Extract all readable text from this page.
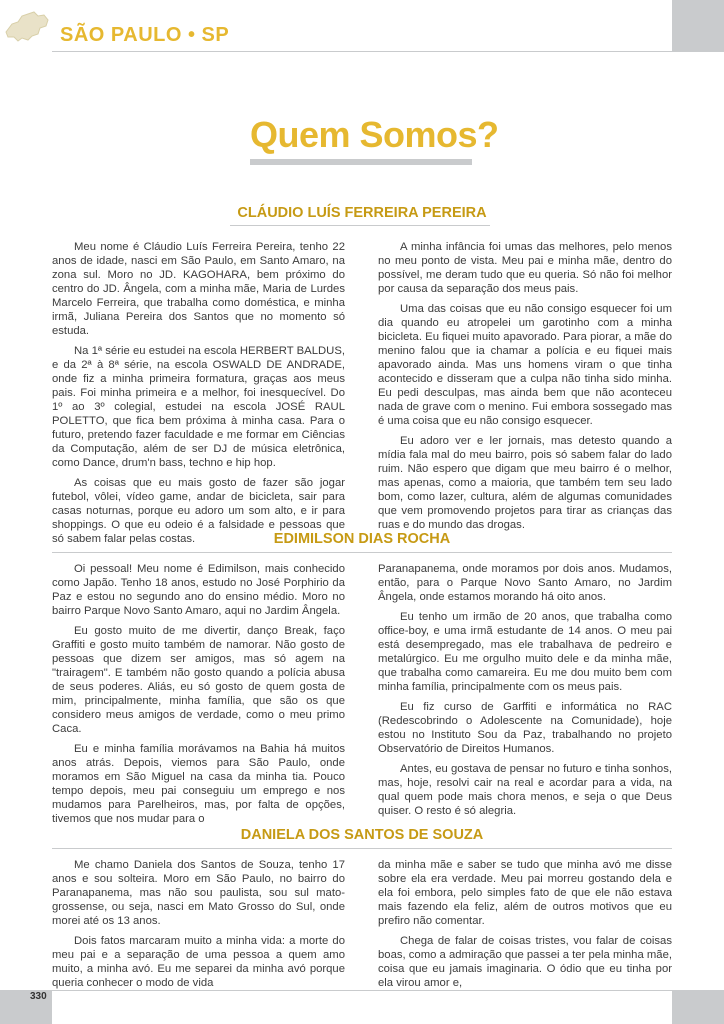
SÃO PAULO • SP
Quem Somos?
CLÁUDIO LUÍS FERREIRA PEREIRA

Meu nome é Cláudio Luís Ferreira Pereira, tenho 22 anos de idade, nasci em São Paulo, em Santo Amaro, na zona sul. Moro no JD. KAGOHARA, bem próximo do centro do JD. Ângela, com a minha mãe, Maria de Lurdes Marcelo Ferreira, que trabalha como doméstica, e minha irmã, Juliana Pereira dos Santos que no momento só estuda.

Na 1ª série eu estudei na escola HERBERT BALDUS, e da 2ª à 8ª série, na escola OSWALD DE ANDRADE, onde fiz a minha primeira formatura, graças aos meus pais. Foi minha primeira e a melhor, foi inesquecível. Do 1º ao 3º colegial, estudei na escola JOSÉ RAUL POLETTO, que fica bem próxima à minha casa. Para o futuro, pretendo fazer faculdade e me formar em Ciências da Computação, além de ser DJ de música eletrônica, como Dance, drum'n bass, techno e hip hop.

As coisas que eu mais gosto de fazer são jogar futebol, vôlei, vídeo game, andar de bicicleta, sair para casas noturnas, porque eu adoro um som alto, e ir para shoppings. O que eu odeio é a falsidade e pessoas que só sabem falar pelas costas.

A minha infância foi umas das melhores, pelo menos no meu ponto de vista. Meu pai e minha mãe, dentro do possível, me deram tudo que eu queria. Só não foi melhor por causa da separação dos meus pais.

Uma das coisas que eu não consigo esquecer foi um dia quando eu atropelei um garotinho com a minha bicicleta. Eu fiquei muito apavorado. Para piorar, a mãe do menino falou que ia chamar a polícia e eu fiquei mais apavorado ainda. Mas uns homens viram o que tinha acontecido e disseram que a culpa não tinha sido minha. Eu pedi desculpas, mas ainda bem que não aconteceu nada de grave com o menino. Fui embora sossegado mas é uma coisa que eu não consigo esquecer.

Eu adoro ver e ler jornais, mas detesto quando a mídia fala mal do meu bairro, pois só sabem falar do lado ruim. Não espero que digam que meu bairro é o melhor, mas apenas, como a maioria, que também tem seu lado bom, como lazer, cultura, além de algumas comunidades que vem promovendo projetos para tirar as crianças das ruas e do mundo das drogas.

EDIMILSON DIAS ROCHA

Oi pessoal! Meu nome é Edimilson, mais conhecido como Japão. Tenho 18 anos, estudo no José Porphirio da Paz e estou no segundo ano do ensino médio. Moro no bairro Parque Novo Santo Amaro, aqui no Jardim Ângela.

Eu gosto muito de me divertir, danço Break, faço Graffiti e gosto muito também de namorar. Não gosto de pessoas que dizem ser amigos, mas só agem na "trairagem". E também não gosto quando a polícia abusa de seus poderes. Aliás, eu só gosto de quem gosta de mim, principalmente, minha família, que são os que considero meus amigos de verdade, como o meu primo Caca.

Eu e minha família morávamos na Bahia há muitos anos atrás. Depois, viemos para São Paulo, onde moramos em São Miguel na casa da minha tia. Pouco tempo depois, meu pai conseguiu um emprego e nos mudamos para Parelheiros, mas, por falta de opções, tivemos que nos mudar para o

Paranapanema, onde moramos por dois anos. Mudamos, então, para o Parque Novo Santo Amaro, no Jardim Ângela, onde estamos morando há oito anos.

Eu tenho um irmão de 20 anos, que trabalha como office-boy, e uma irmã estudante de 14 anos. O meu pai está desempregado, mas ele trabalhava de pedreiro e metalúrgico. Eu me orgulho muito dele e da minha mãe, que trabalha como camareira. Eu me dou muito bem com minha família, principalmente com os meus pais.

Eu fiz curso de Garffiti e informática no RAC (Redescobrindo o Adolescente na Comunidade), hoje estou no Instituto Sou da Paz, trabalhando no projeto Observatório de Direitos Humanos.

Antes, eu gostava de pensar no futuro e tinha sonhos, mas, hoje, resolvi cair na real e acordar para a vida, na qual quem pode mais chora menos, e seja o que Deus quiser. O resto é só alegria.

DANIELA DOS SANTOS DE SOUZA

Me chamo Daniela dos Santos de Souza, tenho 17 anos e sou solteira. Moro em São Paulo, no bairro do Paranapanema, mas não sou paulista, sou sul mato-grossense, ou seja, nasci em Mato Grosso do Sul, onde morei até os 13 anos.

Dois fatos marcaram muito a minha vida: a morte do meu pai e a separação de uma pessoa a quem amo muito, a minha avó. Eu me separei da minha avó porque queria conhecer o modo de vida

da minha mãe e saber se tudo que minha avó me disse sobre ela era verdade. Meu pai morreu gostando dela e ela foi embora, pelo simples fato de que ele não estava mais fazendo ela feliz, além de outros motivos que eu prefiro não comentar.

Chega de falar de coisas tristes, vou falar de coisas boas, como a admiração que passei a ter pela minha mãe, coisa que eu jamais imaginaria. O ódio que eu tinha por ela virou amor e,

330
